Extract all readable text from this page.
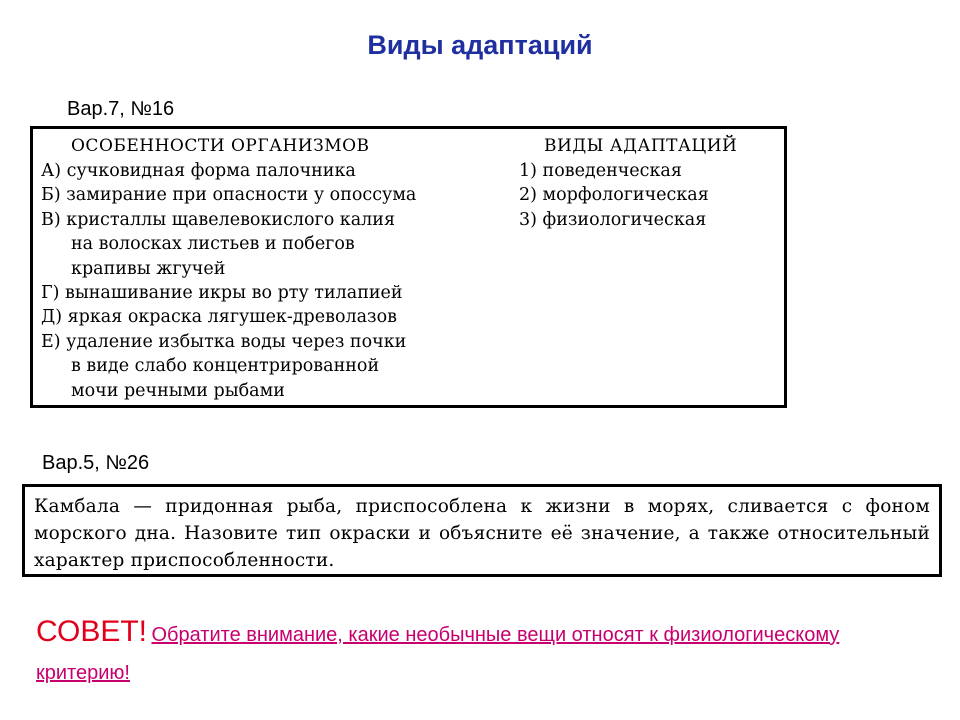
Виды адаптаций
Вар.7, №16
ОСОБЕННОСТИ ОРГАНИЗМОВ
А) сучковидная форма палочника
Б) замирание при опасности у опоссума
В) кристаллы щавелевокислого калия
на волосках листьев и побегов
крапивы жгучей
Г) вынашивание икры во рту тилапией
Д) яркая окраска лягушек-древолазов
Е) удаление избытка воды через почки
в виде слабо концентрированной
мочи речными рыбами
ВИДЫ АДАПТАЦИЙ
1) поведенческая
2) морфологическая
3) физиологическая
Вар.5, №26
Камбала — придонная рыба, приспособлена к жизни в морях, сливается с фоном морского дна. Назовите тип окраски и объясните её значение, а также относительный характер приспособленности.
СОВЕТ! Обратите внимание, какие необычные вещи относят к физиологическому критерию!
